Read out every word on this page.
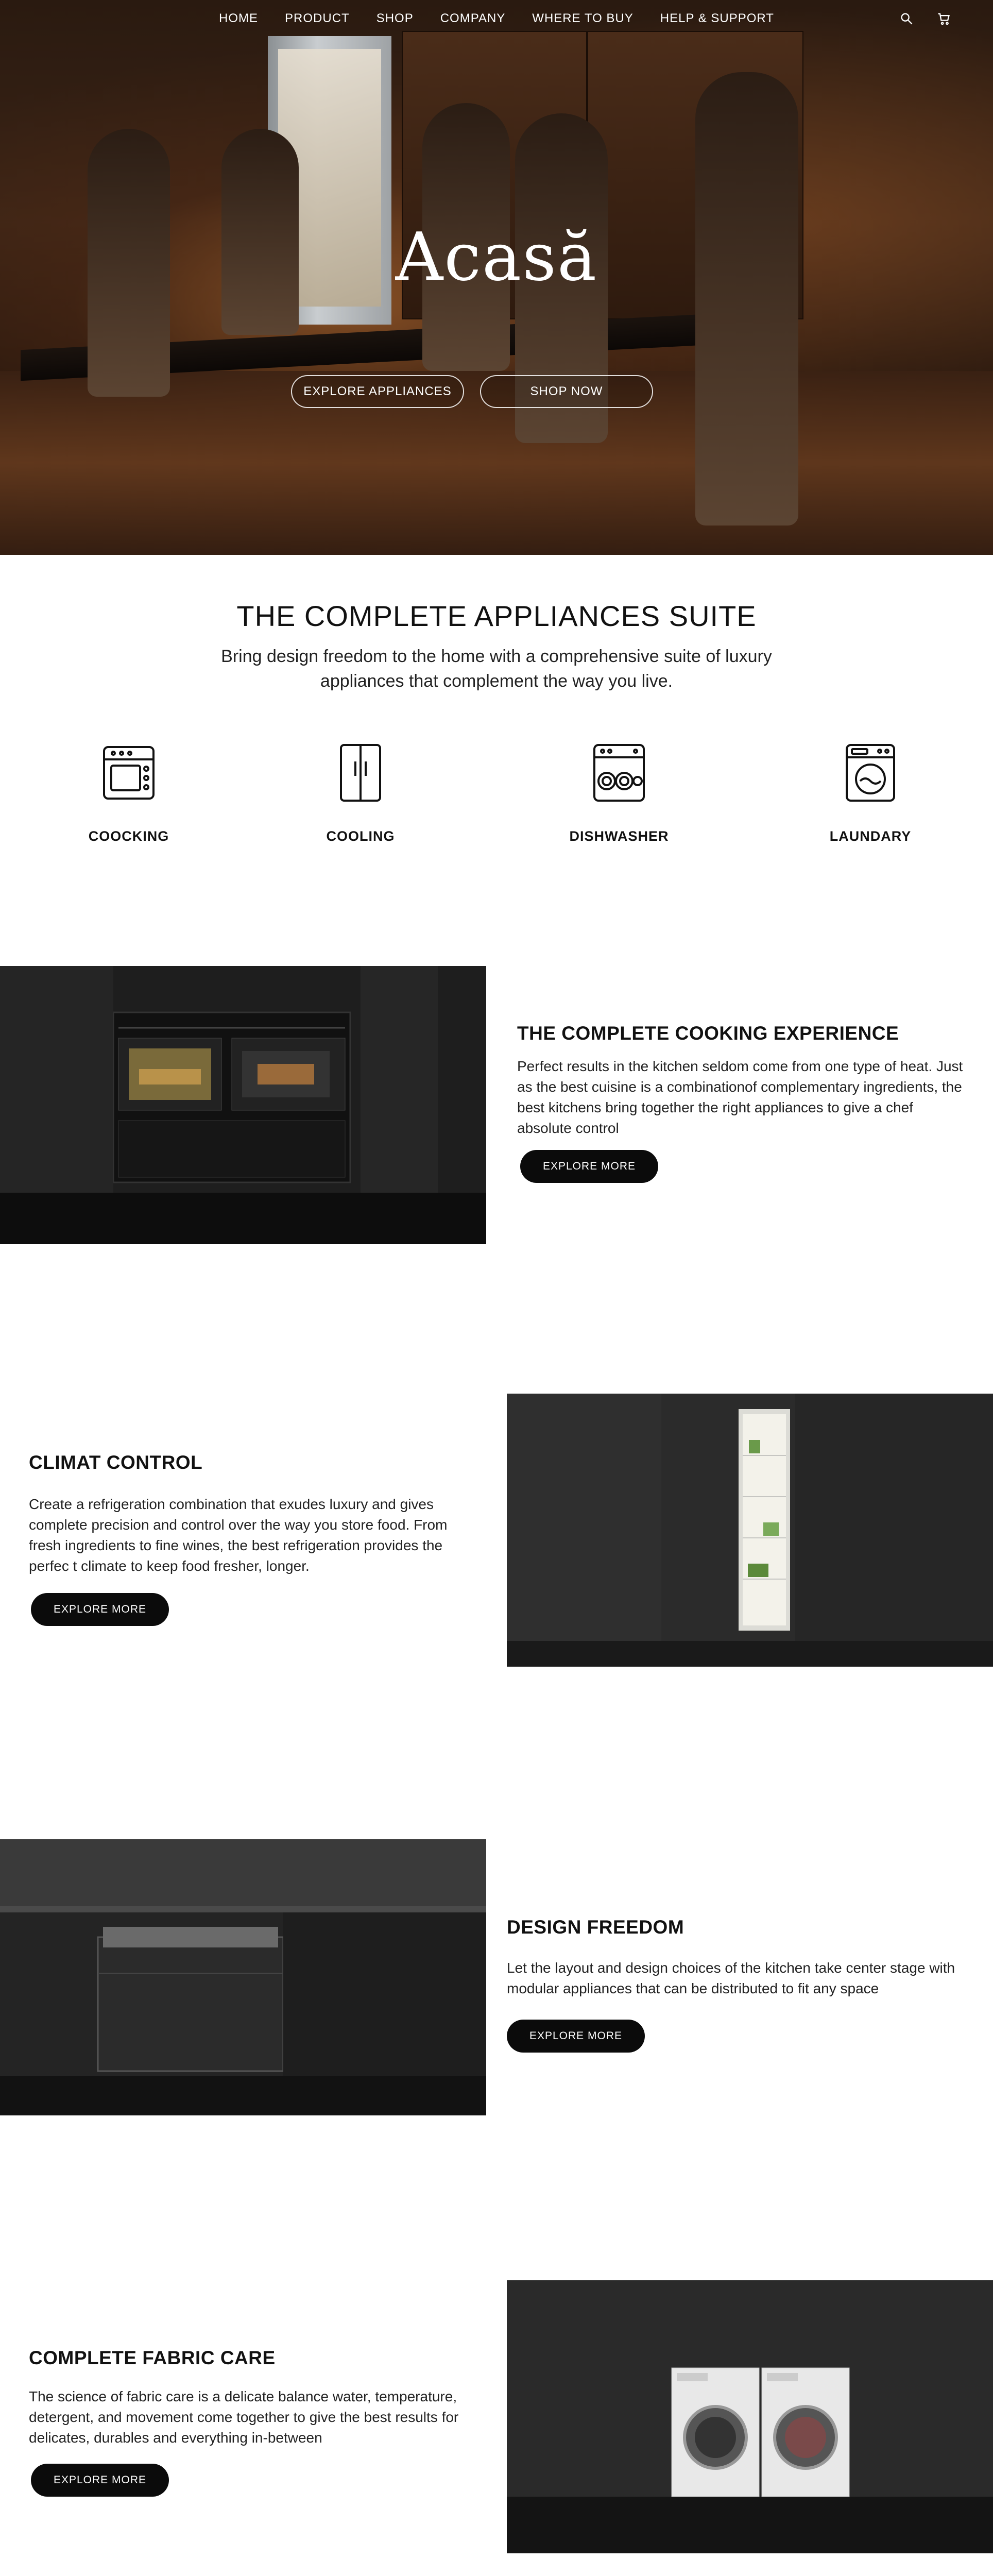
HOME PRODUCT SHOP COMPANY WHERE TO BUY HELP & SUPPORT
Acasă
EXPLORE APPLIANCES	SHOP NOW
THE COMPLETE APPLIANCES SUITE

Bring design freedom to the home with a comprehensive suite of luxury appliances that complement the way you live.

COOCKING	COOLING	DISHWASHER	LAUNDARY
THE COMPLETE COOKING EXPERIENCE
Perfect results in the kitchen seldom come from one type of heat. Just as the best cuisine is a combinationof complementary ingredients, the best kitchens bring together the right appliances to give a chef absolute control
EXPLORE MORE
CLIMAT CONTROL
Create a refrigeration combination that exudes luxury and gives complete precision and control over the way you store food. From fresh ingredients to fine wines, the best refrigeration provides the perfec t climate to keep food fresher, longer.
EXPLORE MORE
DESIGN FREEDOM
Let the layout and design choices of the kitchen take center stage with modular appliances that can be distributed to fit any space
EXPLORE MORE
COMPLETE FABRIC CARE
The science of fabric care is a delicate balance water, temperature, detergent, and movement come together to give the best results for delicates, durables and everything in-between
EXPLORE MORE
